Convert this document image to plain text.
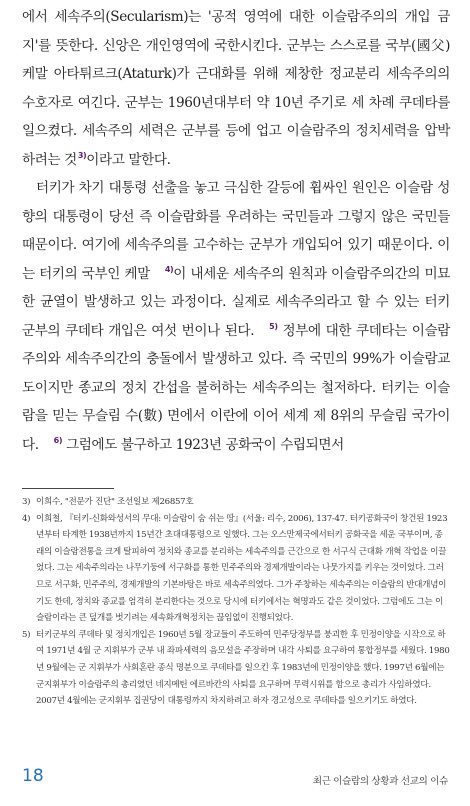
에서 세속주의(Secularism)는 '공적 영역에 대한 이슬람주의의 개입 금지'를 뜻한다. 신앙은 개인영역에 국한시킨다. 군부는 스스로를 국부(國父) 케말 아타튀르크(Ataturk)가 근대화를 위해 제창한 정교분리 세속주의의 수호자로 여긴다. 군부는 1960년대부터 약 10년 주기로 세 차례 쿠데타를 일으켰다. 세속주의 세력은 군부를 등에 업고 이슬람주의 정치세력을 압박하려는 것3)이라고 말한다.

터키가 차기 대통령 선출을 놓고 극심한 갈등에 휩싸인 원인은 이슬람 성향의 대통령이 당선 즉 이슬람화를 우려하는 국민들과 그렇지 않은 국민들 때문이다. 여기에 세속주의를 고수하는 군부가 개입되어 있기 때문이다. 이는 터키의 국부인 케말 4)이 내세운 세속주의 원칙과 이슬람주의간의 미묘한 균열이 발생하고 있는 과정이다. 실제로 세속주의라고 할 수 있는 터키 군부의 쿠데타 개입은 여섯 번이나 된다. 5) 정부에 대한 쿠데타는 이슬람주의와 세속주의간의 충돌에서 발생하고 있다. 즉 국민의 99%가 이슬람교도이지만 종교의 정치 간섭을 불허하는 세속주의는 철저하다. 터키는 이슬람을 믿는 무슬림 수(數) 면에서 이란에 이어 세계 제 8위의 무슬림 국가이다. 6) 그럼에도 불구하고 1923년 공화국이 수립되면서

3) 이희수, "전문가 진단" 조선일보 제26857호
4) 이희철, 『터키-신화와성서의 무대: 이슬람이 숨 쉬는 땅』(서울: 리수, 2006), 137-47. 터키공화국이 창건된 1923년부터 타계한 1938년까지 15년간 초대대통령으로 일했다. 그는 오스만제국에서터키 공화국을 세운 국부이며, 종래의 이슬람전통을 크게 탈피하여 정치와 종교를 분리하는 세속주의를 근간으로 한 서구식 근대화 개혁 작업을 이끌었다. 그는 세속주의라는 나무기둥에 서구화를 통한 민주주의와 경제개발이라는 나뭇가지를 키우는 것이었다. 그러므로 서구화, 민주주의, 경제개발의 기본바탕은 바로 세속주의였다. 그가 주창하는 세속주의는 이슬람의 반대개념이기도 한데, 정치와 종교를 엄격히 분리한다는 것으로 당시에 터키에서는 혁명과도 같은 것이었다. 그럼에도 그는 이슬람이라는 큰 덮개를 벗기려는 세속화개혁정치는 끊임없이 진행되었다.
5) 터키군부의 쿠데타 및 정치개입은 1960년 5월 장교들이 주도하여 민주당정부를 붕괴한 후 민정이양을 시작으로 하여 1971년 4월 군 지휘부가 군부 내 좌파세력의 음모설을 주장하며 내각 사퇴를 요구하여 통합정부를 세웠다. 1980년 9월에는 군 지휘부가 사회혼란 종식 명분으로 쿠데타를 일으킨 후 1983년에 민정이양을 했다. 1997년 6월에는 군지휘부가 이슬람주의 총리였던 네지메틴 에르바칸의 사퇴를 요구하며 무력시위를 함으로 총리가 사임하였다. 2007년 4월에는 군지휘부 집권당이 대통령까지 차지하려고 하자 경고성으로 쿠데타를 일으키기도 하였다.
18	최근 이슬람의 상황과 선교의 이슈
